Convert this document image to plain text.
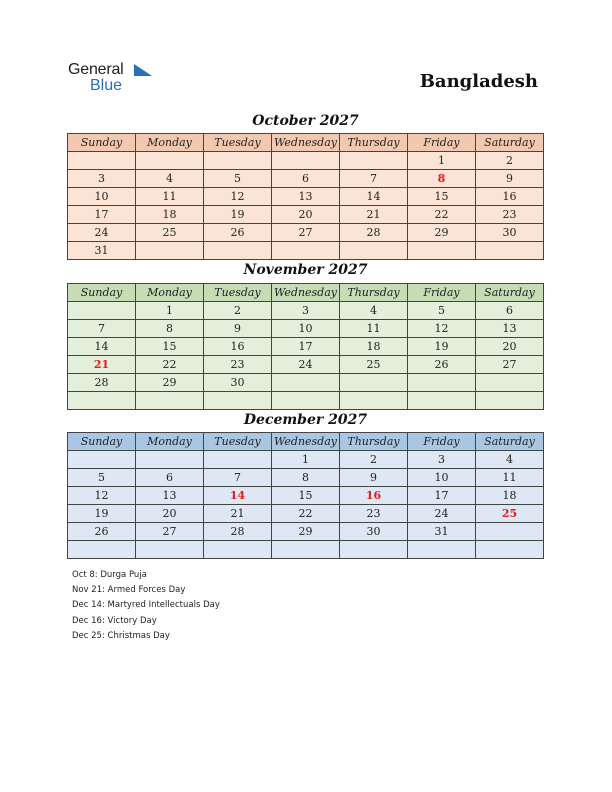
General
Blue	Bangladesh
October 2027
Sunday	Monday	Tuesday	Wednesday	Thursday	Friday	Saturday
					1	2
3	4	5	6	7	8	9
10	11	12	13	14	15	16
17	18	19	20	21	22	23
24	25	26	27	28	29	30
31						
November 2027
Sunday	Monday	Tuesday	Wednesday	Thursday	Friday	Saturday
	1	2	3	4	5	6
7	8	9	10	11	12	13
14	15	16	17	18	19	20
21	22	23	24	25	26	27
28	29	30				

December 2027
Sunday	Monday	Tuesday	Wednesday	Thursday	Friday	Saturday
			1	2	3	4
5	6	7	8	9	10	11
12	13	14	15	16	17	18
19	20	21	22	23	24	25
26	27	28	29	30	31	

Oct 8: Durga Puja
Nov 21: Armed Forces Day
Dec 14: Martyred Intellectuals Day
Dec 16: Victory Day
Dec 25: Christmas Day
